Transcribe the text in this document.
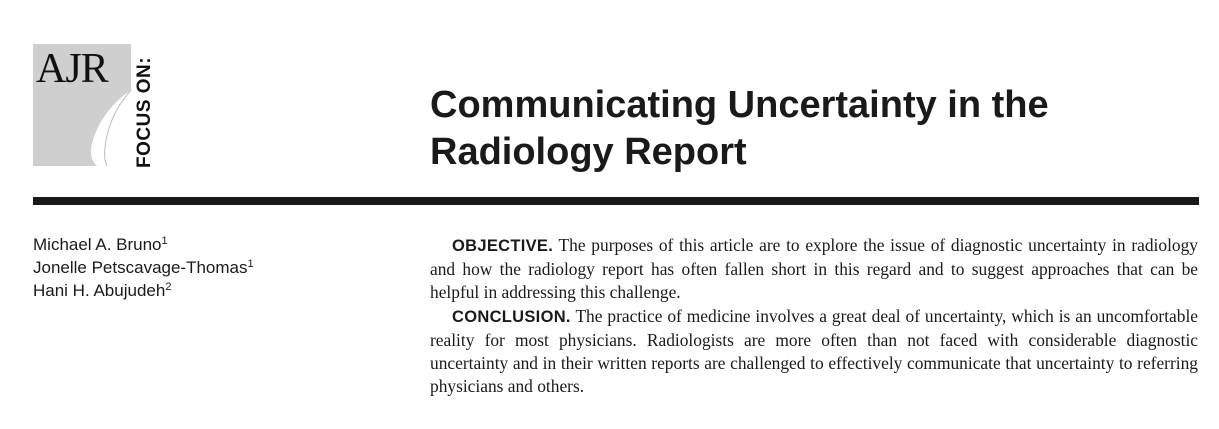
AJR FOCUS ON:	Communicating Uncertainty in the Radiology Report
Michael A. Bruno$^1$
Jonelle Petscavage-Thomas$^1$
Hani H. Abujudeh$^2$

OBJECTIVE. The purposes of this article are to explore the issue of diagnostic uncertainty in radiology and how the radiology report has often fallen short in this regard and to suggest approaches that can be helpful in addressing this challenge.

CONCLUSION. The practice of medicine involves a great deal of uncertainty, which is an uncomfortable reality for most physicians. Radiologists are more often than not faced with considerable diagnostic uncertainty and in their written reports are challenged to effectively communicate that uncertainty to referring physicians and others.
